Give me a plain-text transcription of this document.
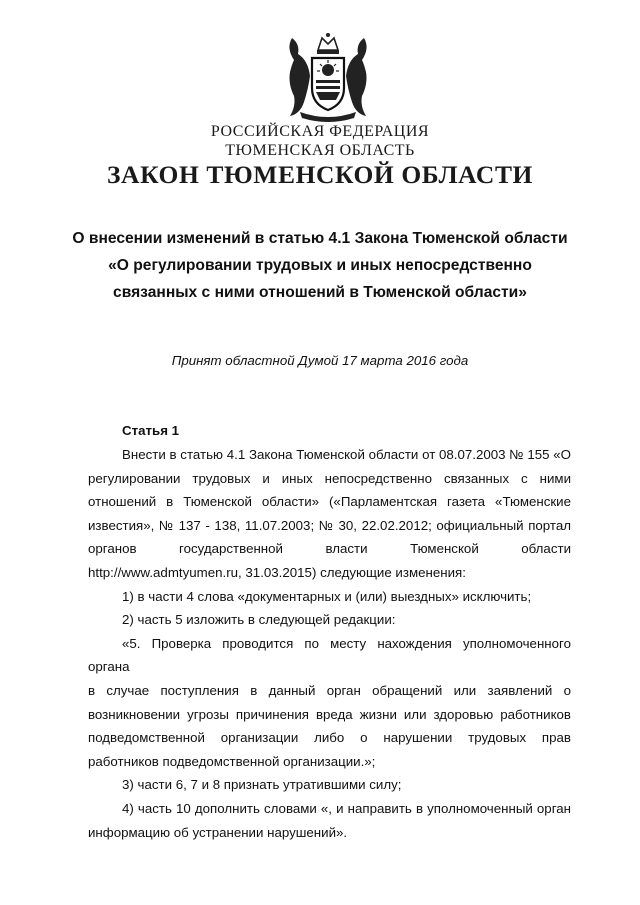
РОССИЙСКАЯ ФЕДЕРАЦИЯ
ТЮМЕНСКАЯ ОБЛАСТЬ
ЗАКОН ТЮМЕНСКОЙ ОБЛАСТИ
О внесении изменений в статью 4.1 Закона Тюменской области
«О регулировании трудовых и иных непосредственно
связанных с ними отношений в Тюменской области»
Принят областной Думой 17 марта 2016 года
Статья 1

Внести в статью 4.1 Закона Тюменской области от 08.07.2003 № 155 «О регулировании трудовых и иных непосредственно связанных с ними отношений в Тюменской области» («Парламентская газета «Тюменские известия», № 137 - 138, 11.07.2003; № 30, 22.02.2012; официальный портал органов государственной власти Тюменской области http://www.admtyumen.ru, 31.03.2015) следующие изменения:

1) в части 4 слова «документарных и (или) выездных» исключить;

2) часть 5 изложить в следующей редакции:

«5. Проверка проводится по месту нахождения уполномоченного органа

в случае поступления в данный орган обращений или заявлений о возникновении угрозы причинения вреда жизни или здоровью работников подведомственной организации либо о нарушении трудовых прав работников подведомственной организации.»;

3) части 6, 7 и 8 признать утратившими силу;

4) часть 10 дополнить словами «, и направить в уполномоченный орган информацию об устранении нарушений».
